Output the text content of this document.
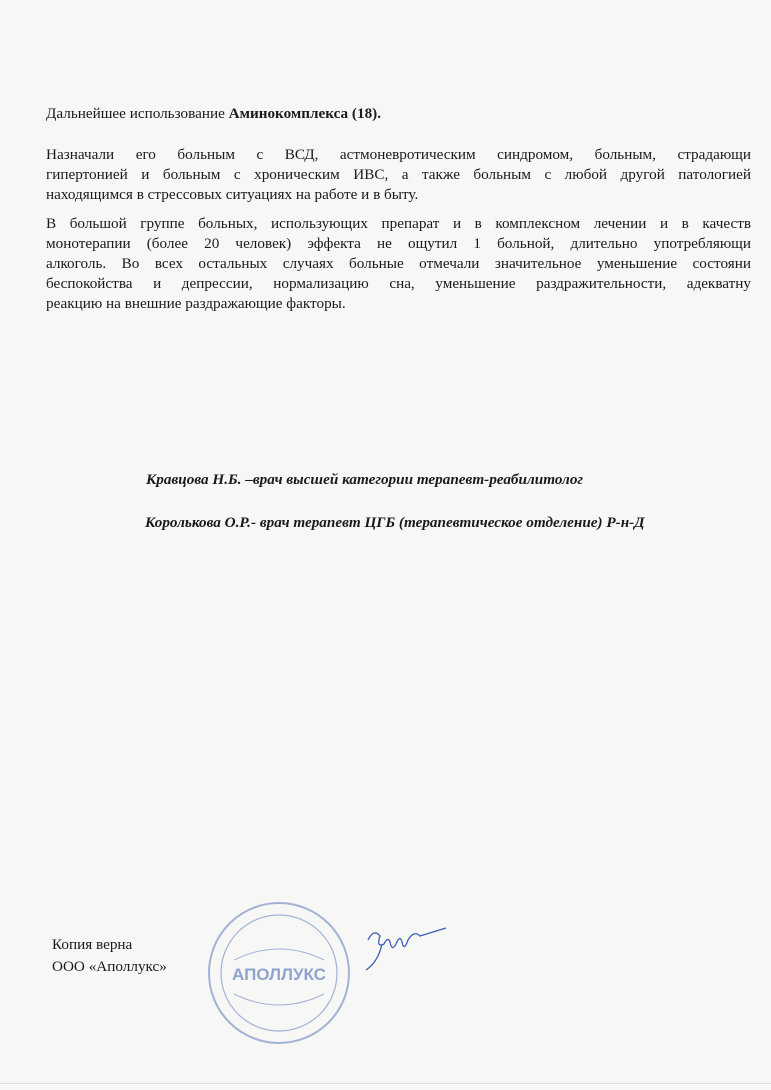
Дальнейшее использование Аминокомплекса (18).
Назначали его больным с ВСД, астмоневротическим синдромом, больным, страдающи
гипертонией и больным с хроническим ИВС, а также больным с любой другой патологией
находящимся в стрессовых ситуациях на работе и в быту.
В большой группе больных, использующих препарат и в комплексном лечении и в качеств
монотерапии (более 20 человек) эффекта не ощутил 1 больной, длительно употребляющи
алкоголь. Во всех остальных случаях больные отмечали значительное уменьшение состояни
беспокойства и депрессии, нормализацию сна, уменьшение раздражительности, адекватну
реакцию на внешние раздражающие факторы.
Кравцова Н.Б. –врач высшей категории терапевт-реабилитолог
Королькова О.Р.- врач терапевт ЦГБ (терапевтическое отделение) Р-н-Д
Копия верна
ООО «Аполлукс»	АПОЛЛУКС
